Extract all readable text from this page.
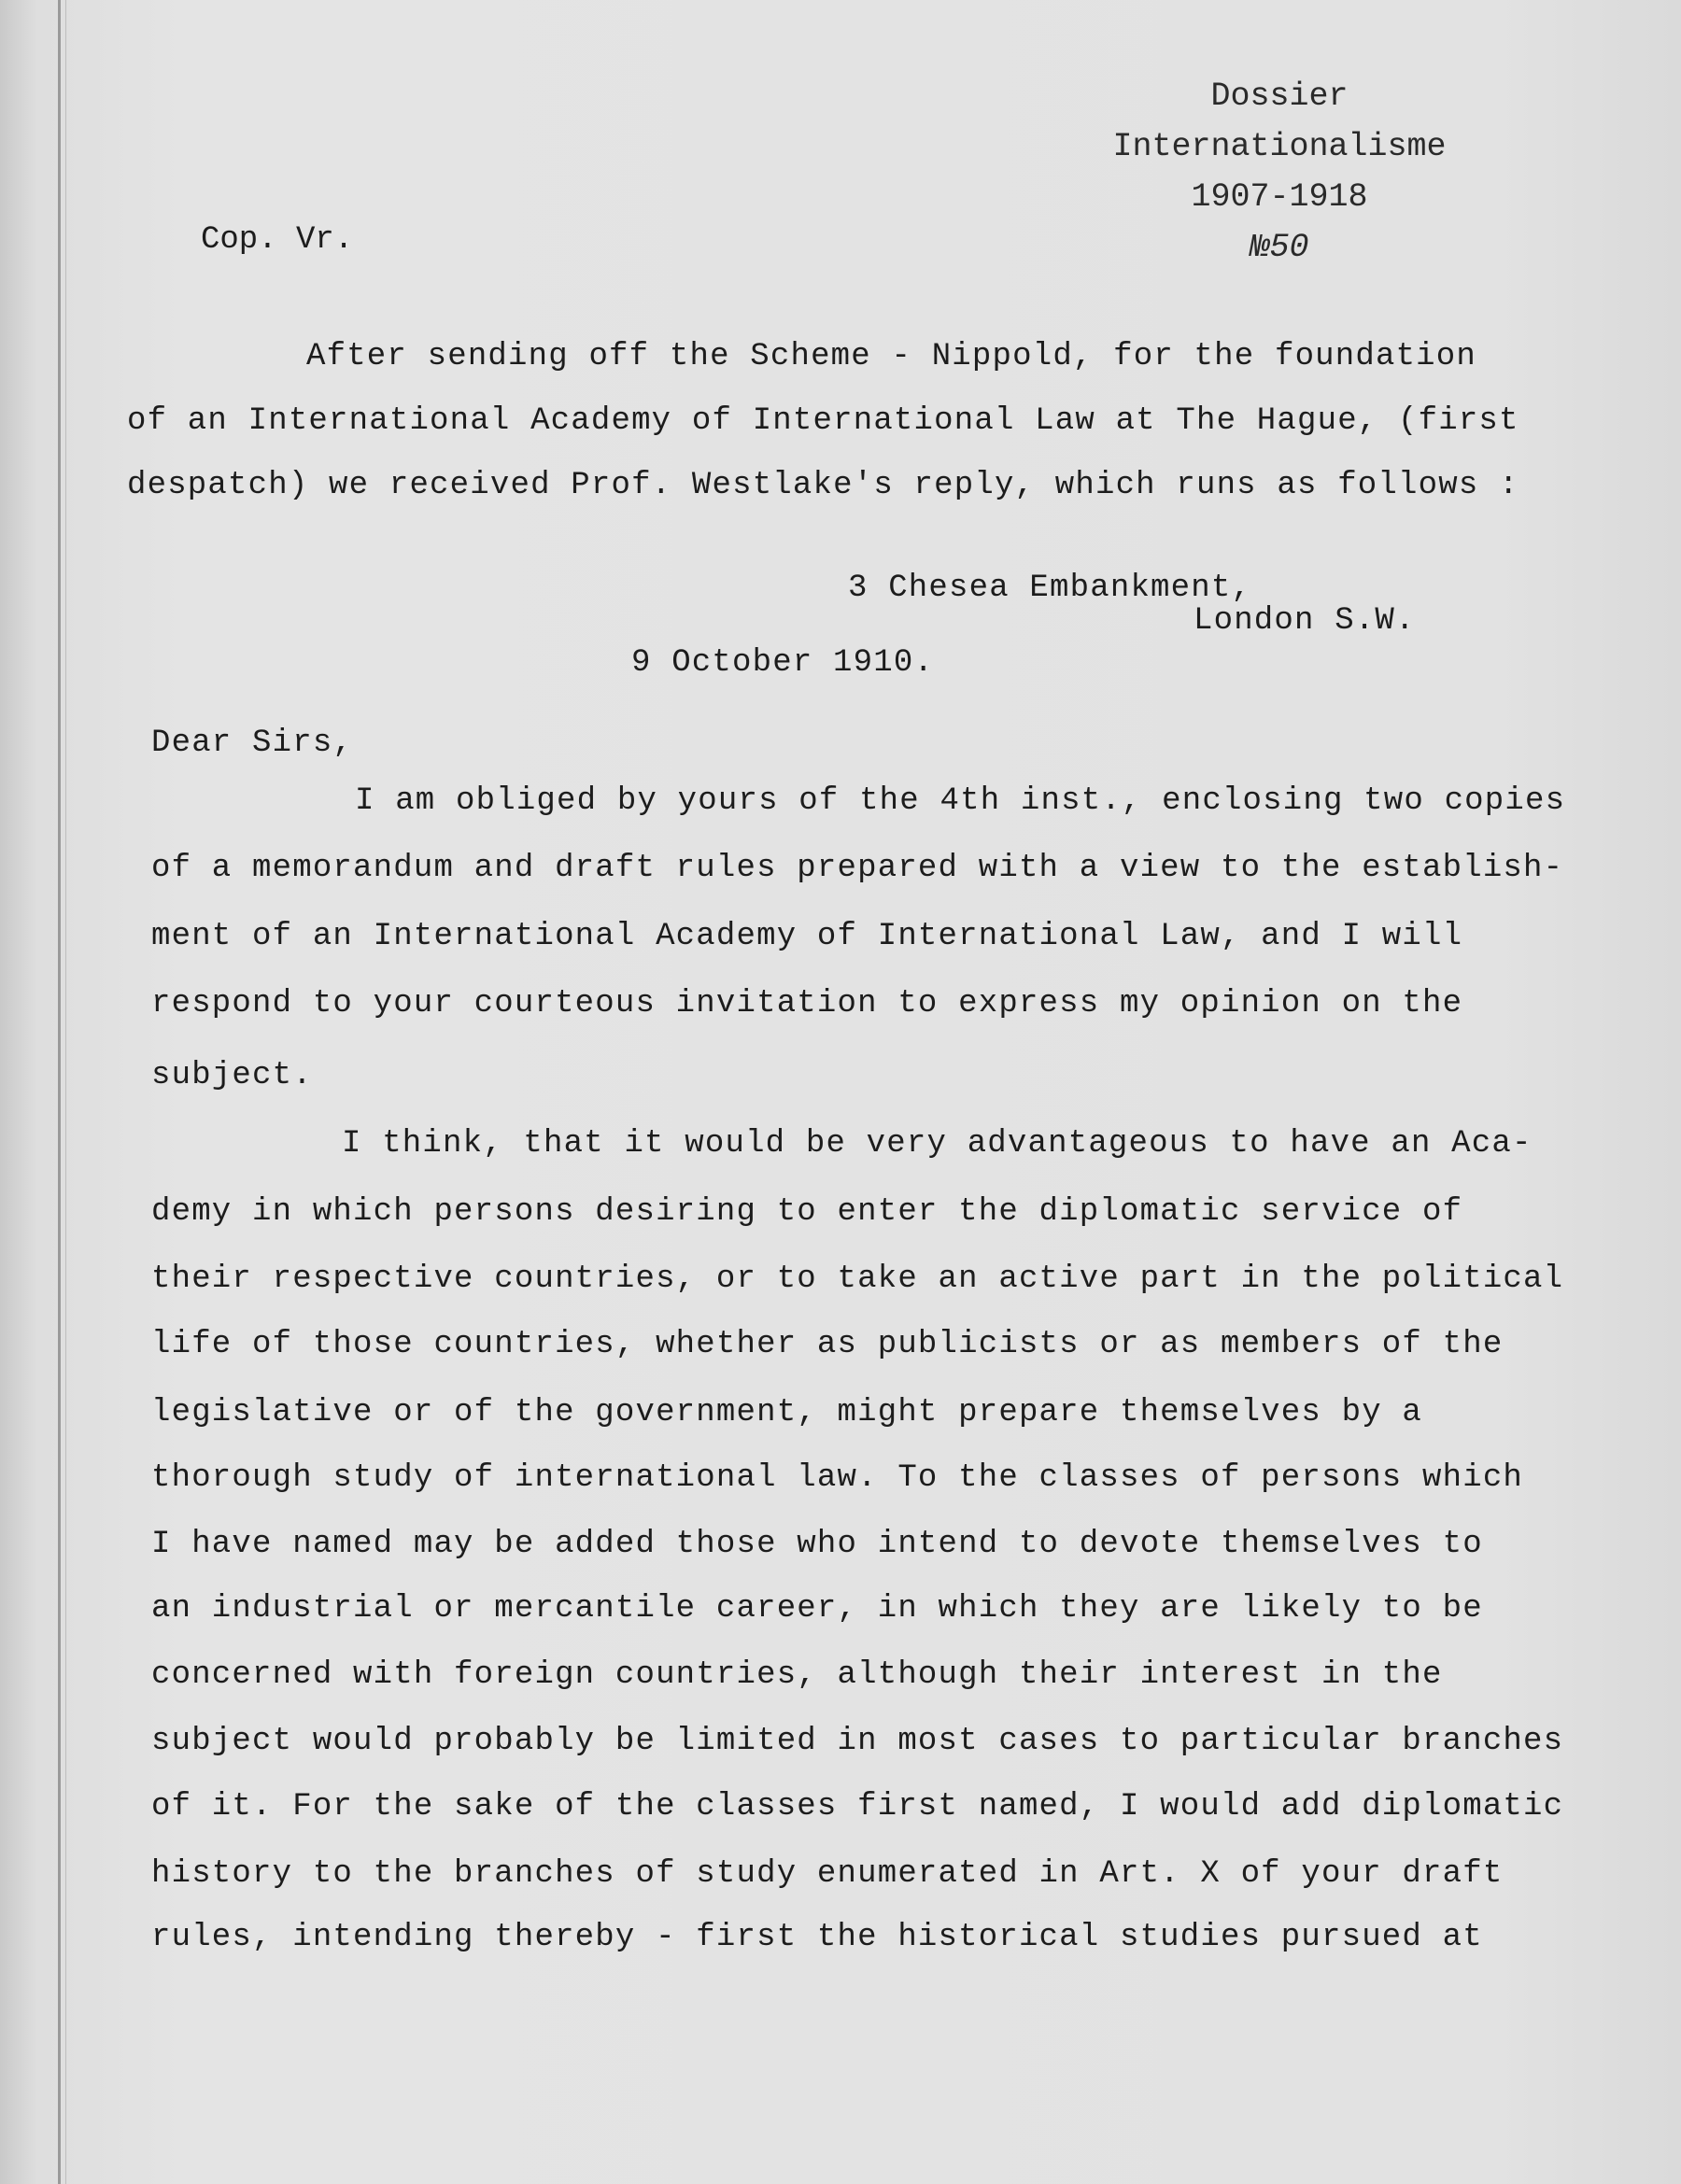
Dossier
Internationalisme
1907-1918
№50
Cop. Vr.
After sending off the Scheme - Nippold, for the foundation
of an International Academy of International Law at The Hague, (first
despatch) we received Prof. Westlake's reply, which runs as follows :
3 Chesea Embankment,
London S.W.
9 October 1910.
Dear Sirs,
I am obliged by yours of the 4th inst., enclosing two copies
of a memorandum and draft rules prepared with a view to the establish-
ment of an International Academy of International Law, and I will
respond to your courteous invitation to express my opinion on the
subject.
I think, that it would be very advantageous to have an Aca-
demy in which persons desiring to enter the diplomatic service of
their respective countries, or to take an active part in the political
life of those countries, whether as publicists or as members of the
legislative or of the government, might prepare themselves by a
thorough study of international law. To the classes of persons which
I have named may be added those who intend to devote themselves to
an industrial or mercantile career, in which they are likely to be
concerned with foreign countries, although their interest in the
subject would probably be limited in most cases to particular branches
of it. For the sake of the classes first named, I would add diplomatic
history to the branches of study enumerated in Art. X of your draft
rules, intending thereby - first the historical studies pursued at
